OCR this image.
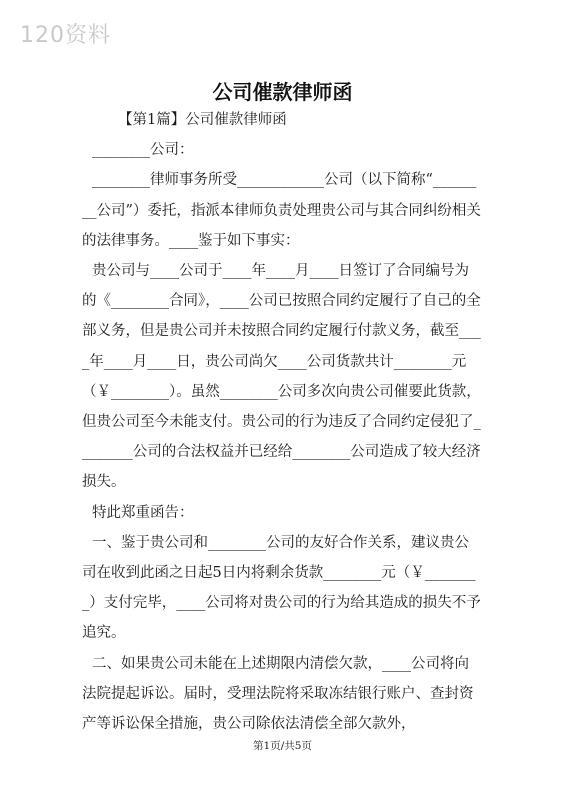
120资料
公司催款律师函

【第1篇】公司催款律师函

________公司：

________律师事务所受____________公司（以下简称“________公司”）委托，指派本律师负责处理贵公司与其合同纠纷相关的法律事务。____鉴于如下事实：

贵公司与____公司于____年____月____日签订了合同编号为的《________合同》，____公司已按照合同约定履行了自己的全部义务，但是贵公司并未按照合同约定履行付款义务，截至____年____月____日，贵公司尚欠____公司货款共计________元（￥________）。虽然________公司多次向贵公司催要此货款，但贵公司至今未能支付。贵公司的行为违反了合同约定侵犯了________公司的合法权益并已经给________公司造成了较大经济损失。

特此郑重函告：

一、鉴于贵公司和________公司的友好合作关系，建议贵公司在收到此函之日起5日内将剩余货款________元（￥________）支付完毕，____公司将对贵公司的行为给其造成的损失不予追究。

二、如果贵公司未能在上述期限内清偿欠款，____公司将向法院提起诉讼。届时，受理法院将采取冻结银行账户、查封资产等诉讼保全措施，贵公司除依法清偿全部欠款外，

第1页/共5页
